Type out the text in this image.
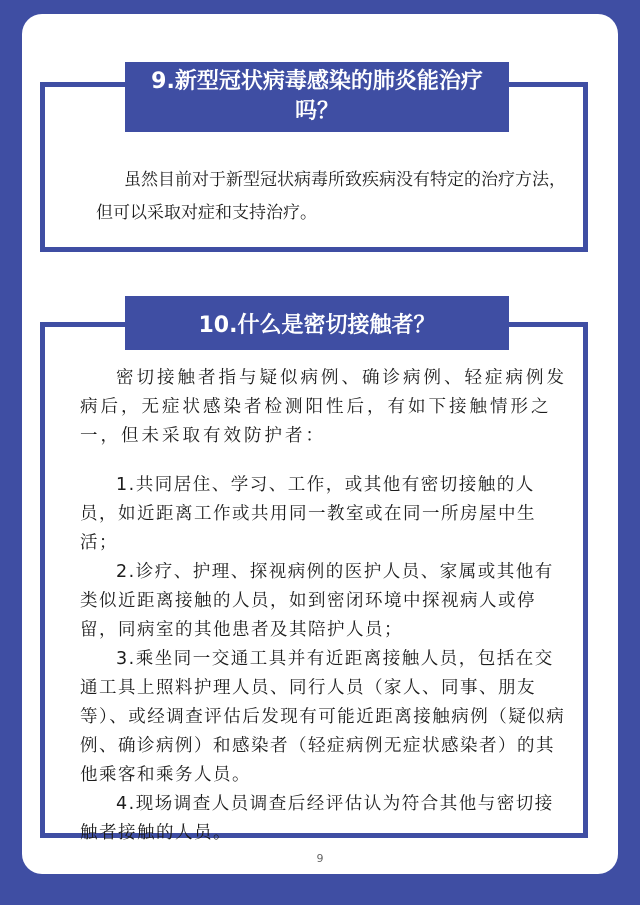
9.新型冠状病毒感染的肺炎能治疗吗？
虽然目前对于新型冠状病毒所致疾病没有特定的治疗方法，但可以采取对症和支持治疗。
10.什么是密切接触者？

密切接触者指与疑似病例、确诊病例、轻症病例发病后，无症状感染者检测阳性后，有如下接触情形之一，但未采取有效防护者：

1.共同居住、学习、工作，或其他有密切接触的人员，如近距离工作或共用同一教室或在同一所房屋中生活；

2.诊疗、护理、探视病例的医护人员、家属或其他有类似近距离接触的人员，如到密闭环境中探视病人或停留，同病室的其他患者及其陪护人员；

3.乘坐同一交通工具并有近距离接触人员，包括在交通工具上照料护理人员、同行人员（家人、同事、朋友等）、或经调查评估后发现有可能近距离接触病例（疑似病例、确诊病例）和感染者（轻症病例无症状感染者）的其他乘客和乘务人员。

4.现场调查人员调查后经评估认为符合其他与密切接触者接触的人员。

9
